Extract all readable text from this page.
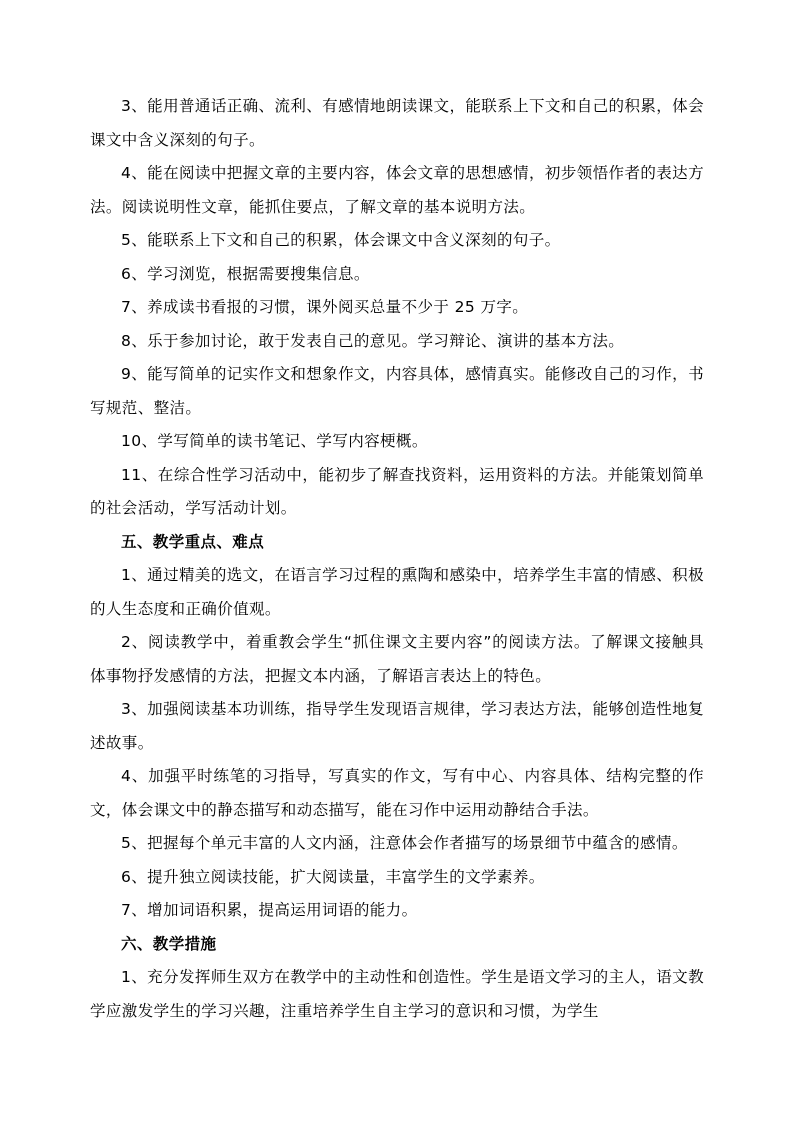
3、能用普通话正确、流利、有感情地朗读课文，能联系上下文和自己的积累，体会课文中含义深刻的句子。

4、能在阅读中把握文章的主要内容，体会文章的思想感情，初步领悟作者的表达方法。阅读说明性文章，能抓住要点，了解文章的基本说明方法。

5、能联系上下文和自己的积累，体会课文中含义深刻的句子。

6、学习浏览，根据需要搜集信息。

7、养成读书看报的习惯，课外阅买总量不少于 25 万字。

8、乐于参加讨论，敢于发表自己的意见。学习辩论、演讲的基本方法。

9、能写简单的记实作文和想象作文，内容具体，感情真实。能修改自己的习作，书写规范、整洁。

10、学写简单的读书笔记、学写内容梗概。

11、在综合性学习活动中，能初步了解查找资料，运用资料的方法。并能策划简单的社会活动，学写活动计划。

五、教学重点、难点

1、通过精美的选文，在语言学习过程的熏陶和感染中，培养学生丰富的情感、积极的人生态度和正确价值观。

2、阅读教学中，着重教会学生“抓住课文主要内容”的阅读方法。了解课文接触具体事物抒发感情的方法，把握文本内涵，了解语言表达上的特色。

3、加强阅读基本功训练，指导学生发现语言规律，学习表达方法，能够创造性地复述故事。

4、加强平时练笔的习指导，写真实的作文，写有中心、内容具体、结构完整的作文，体会课文中的静态描写和动态描写，能在习作中运用动静结合手法。

5、把握每个单元丰富的人文内涵，注意体会作者描写的场景细节中蕴含的感情。

6、提升独立阅读技能，扩大阅读量，丰富学生的文学素养。

7、增加词语积累，提高运用词语的能力。

六、教学措施

1、充分发挥师生双方在教学中的主动性和创造性。学生是语文学习的主人，语文教学应激发学生的学习兴趣，注重培养学生自主学习的意识和习惯，为学生
